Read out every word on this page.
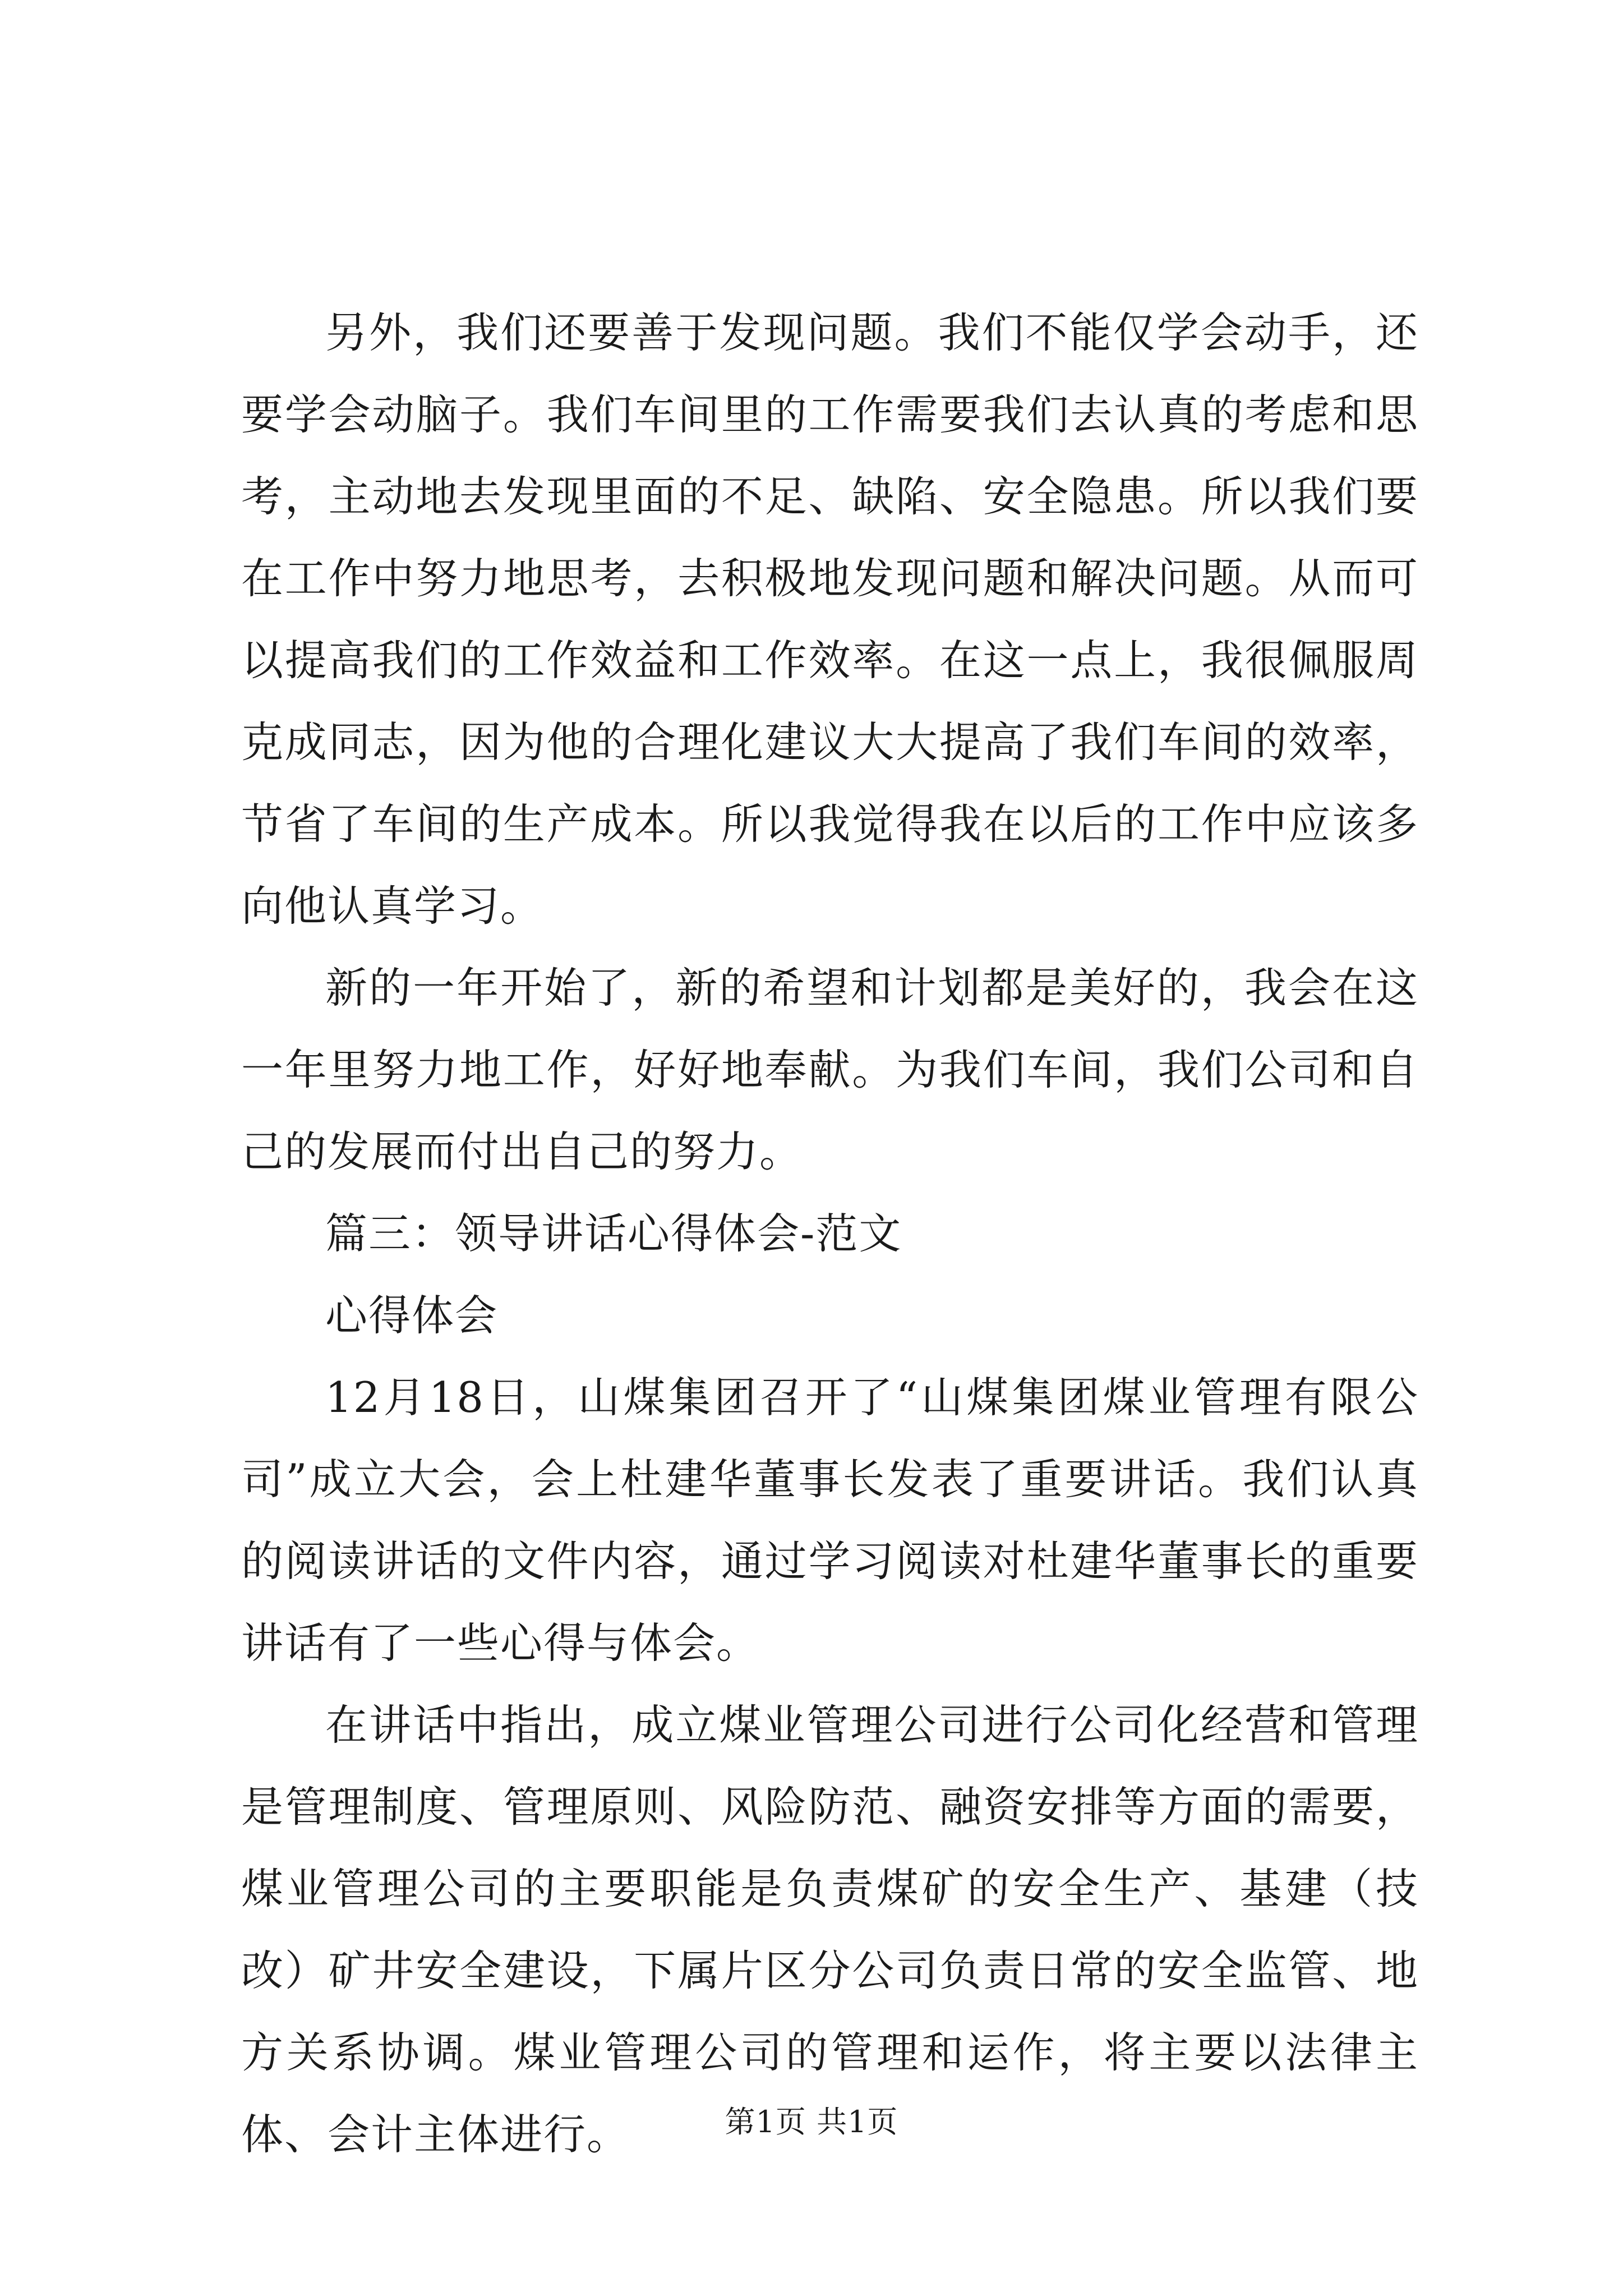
另外，我们还要善于发现问题。我们不能仅学会动手，还要学会动脑子。我们车间里的工作需要我们去认真的考虑和思考，主动地去发现里面的不足、缺陷、安全隐患。所以我们要在工作中努力地思考，去积极地发现问题和解决问题。从而可以提高我们的工作效益和工作效率。在这一点上，我很佩服周克成同志，因为他的合理化建议大大提高了我们车间的效率，节省了车间的生产成本。所以我觉得我在以后的工作中应该多向他认真学习。

新的一年开始了，新的希望和计划都是美好的，我会在这一年里努力地工作，好好地奉献。为我们车间，我们公司和自己的发展而付出自己的努力。

篇三：领导讲话心得体会-范文

心得体会

12月18日，山煤集团召开了“山煤集团煤业管理有限公司”成立大会，会上杜建华董事长发表了重要讲话。我们认真的阅读讲话的文件内容，通过学习阅读对杜建华董事长的重要讲话有了一些心得与体会。

在讲话中指出，成立煤业管理公司进行公司化经营和管理是管理制度、管理原则、风险防范、融资安排等方面的需要，煤业管理公司的主要职能是负责煤矿的安全生产、基建（技改）矿井安全建设，下属片区分公司负责日常的安全监管、地方关系协调。煤业管理公司的管理和运作，将主要以法律主体、会计主体进行。	第1页 共1页
